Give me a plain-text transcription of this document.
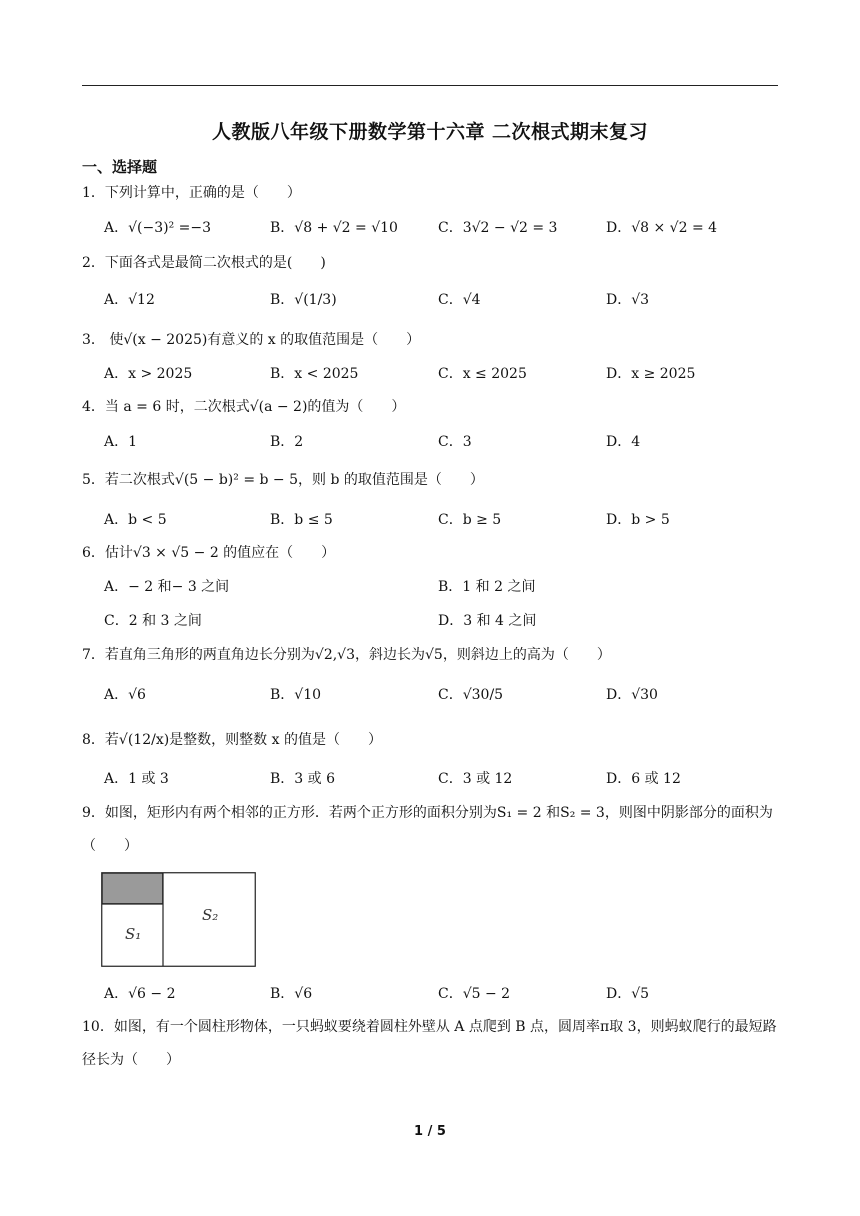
人教版八年级下册数学第十六章 二次根式期末复习
一、选择题
1．下列计算中，正确的是（　　）
A．√(−3)² =−3	B．√8 + √2 = √10	C．3√2 − √2 = 3	D．√8 × √2 = 4
2．下面各式是最简二次根式的是(　　)
A．√12	B．√(1/3)	C．√4	D．√3
3． 使√(x − 2025)有意义的 x 的取值范围是（　　）
A．x > 2025	B．x < 2025	C．x ≤ 2025	D．x ≥ 2025
4．当 a = 6 时，二次根式√(a − 2)的值为（　　）
A．1	B．2	C．3	D．4
5．若二次根式√(5 − b)² = b − 5，则 b 的取值范围是（　　）
A．b < 5	B．b ≤ 5	C．b ≥ 5	D．b > 5
6．估计√3 × √5 − 2 的值应在（　　）
A．− 2 和− 3 之间	B．1 和 2 之间
C．2 和 3 之间	D．3 和 4 之间
7．若直角三角形的两直角边长分别为√2,√3，斜边长为√5，则斜边上的高为（　　）
A．√6	B．√10	C．√30/5	D．√30
8．若√(12/x)是整数，则整数 x 的值是（　　）
A．1 或 3	B．3 或 6	C．3 或 12	D．6 或 12
9．如图，矩形内有两个相邻的正方形．若两个正方形的面积分别为S₁ = 2 和S₂ = 3，则图中阴影部分的面积为（　　）
S₁
S₂
A．√6 − 2	B．√6	C．√5 − 2	D．√5
10．如图，有一个圆柱形物体，一只蚂蚁要绕着圆柱外壁从 A 点爬到 B 点，圆周率π取 3，则蚂蚁爬行的最短路径长为（　　）
1 / 5
